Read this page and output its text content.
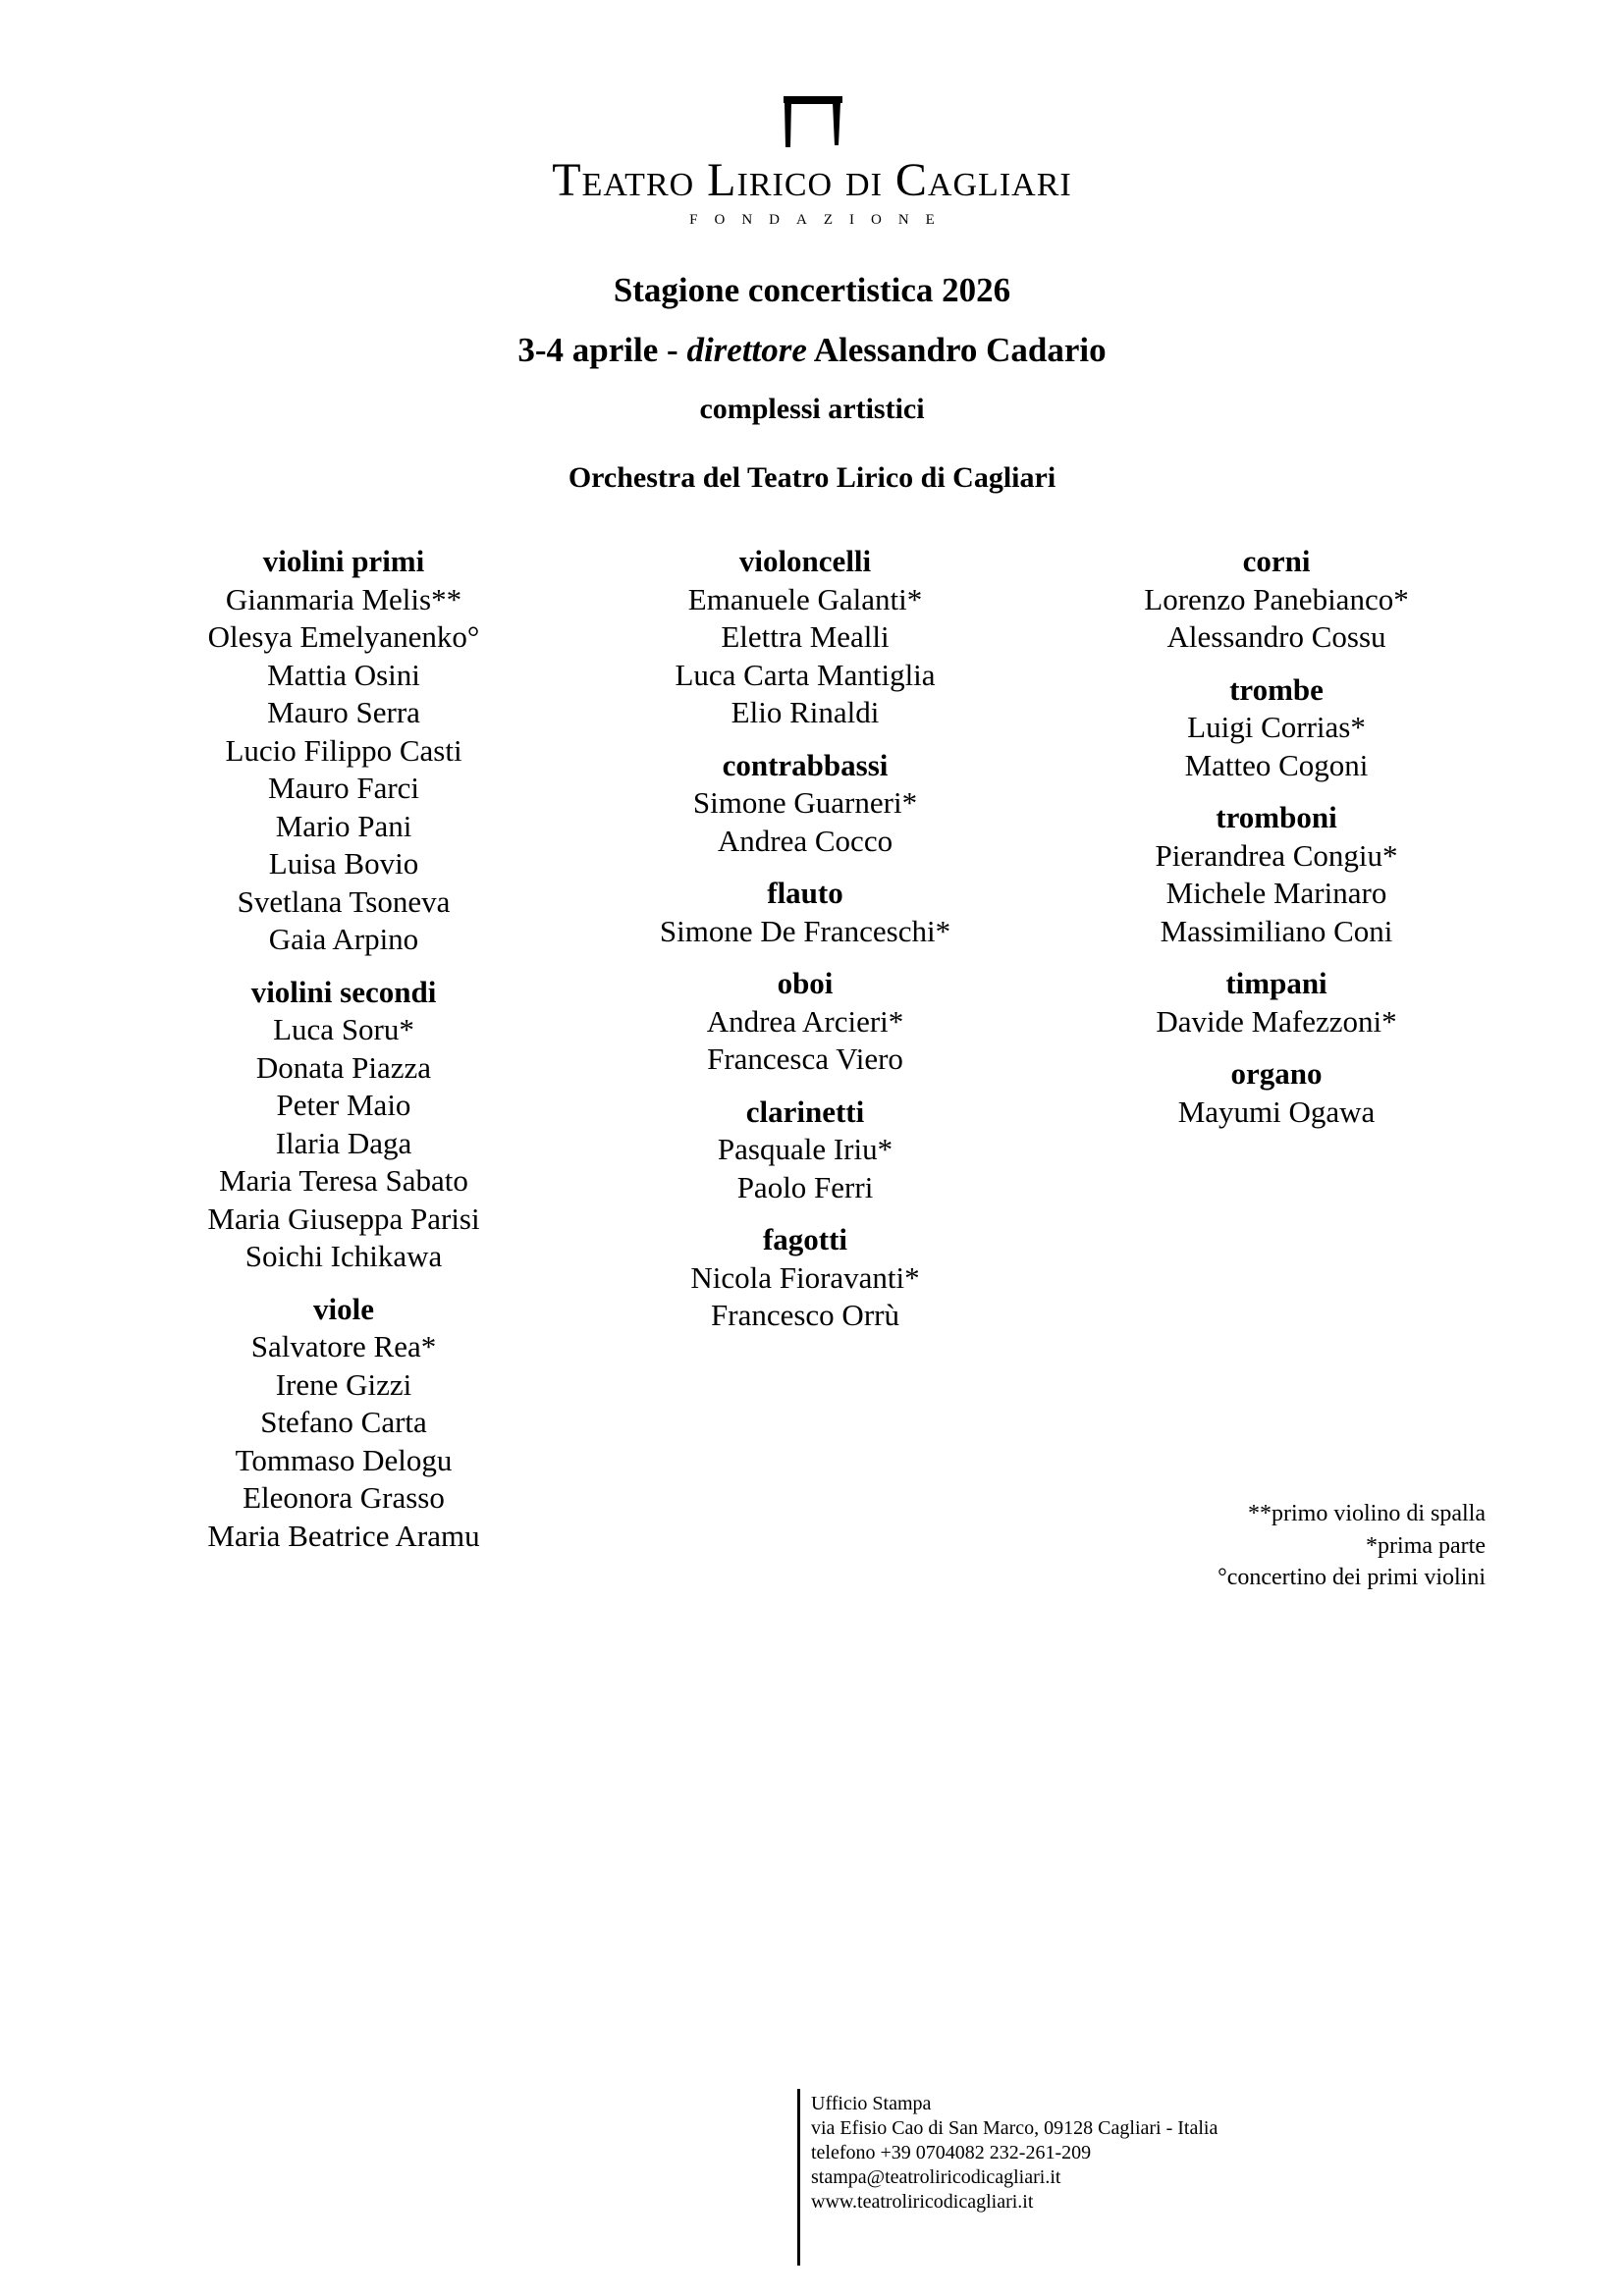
Teatro Lirico di Cagliari
FONDAZIONE
Stagione concertistica 2026
3-4 aprile - direttore Alessandro Cadario
complessi artistici
Orchestra del Teatro Lirico di Cagliari
violini primi
Gianmaria Melis**
Olesya Emelyanenko°
Mattia Osini
Mauro Serra
Lucio Filippo Casti
Mauro Farci
Mario Pani
Luisa Bovio
Svetlana Tsoneva
Gaia Arpino
violini secondi
Luca Soru*
Donata Piazza
Peter Maio
Ilaria Daga
Maria Teresa Sabato
Maria Giuseppa Parisi
Soichi Ichikawa
viole
Salvatore Rea*
Irene Gizzi
Stefano Carta
Tommaso Delogu
Eleonora Grasso
Maria Beatrice Aramu
violoncelli
Emanuele Galanti*
Elettra Mealli
Luca Carta Mantiglia
Elio Rinaldi
contrabbassi
Simone Guarneri*
Andrea Cocco
flauto
Simone De Franceschi*
oboi
Andrea Arcieri*
Francesca Viero
clarinetti
Pasquale Iriu*
Paolo Ferri
fagotti
Nicola Fioravanti*
Francesco Orrù
corni
Lorenzo Panebianco*
Alessandro Cossu
trombe
Luigi Corrias*
Matteo Cogoni
tromboni
Pierandrea Congiu*
Michele Marinaro
Massimiliano Coni
timpani
Davide Mafezzoni*
organo
Mayumi Ogawa
**primo violino di spalla
*prima parte
°concertino dei primi violini
Ufficio Stampa
via Efisio Cao di San Marco, 09128 Cagliari - Italia
telefono +39 0704082 232-261-209
stampa@teatroliricodicagliari.it
www.teatroliricodicagliari.it
